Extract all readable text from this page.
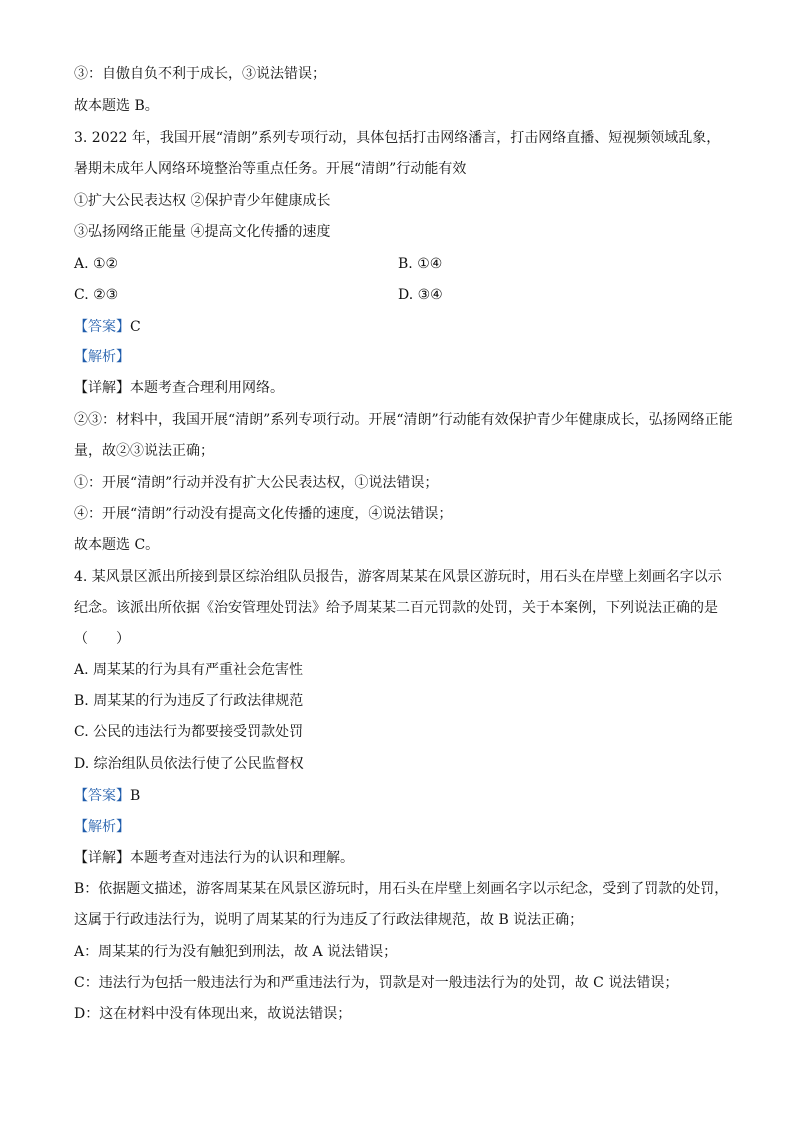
③：自傲自负不利于成长，③说法错误；
故本题选 B。
3. 2022 年，我国开展“清朗”系列专项行动，具体包括打击网络潘言，打击网络直播、短视频领域乱象，
暑期未成年人网络环境整治等重点任务。开展“清朗”行动能有效
①扩大公民表达权 ②保护青少年健康成长
③弘扬网络正能量 ④提高文化传播的速度
A. ①②	B. ①④
C. ②③	D. ③④
【答案】C
【解析】
【详解】本题考查合理利用网络。
②③：材料中，我国开展“清朗”系列专项行动。开展“清朗”行动能有效保护青少年健康成长，弘扬网络正能
量，故②③说法正确；
①：开展“清朗”行动并没有扩大公民表达权，①说法错误；
④：开展“清朗”行动没有提高文化传播的速度，④说法错误；
故本题选 C。
4. 某风景区派出所接到景区综治组队员报告，游客周某某在风景区游玩时，用石头在岸壁上刻画名字以示
纪念。该派出所依据《治安管理处罚法》给予周某某二百元罚款的处罚，关于本案例，下列说法正确的是
（　　）
A. 周某某的行为具有严重社会危害性
B. 周某某的行为违反了行政法律规范
C. 公民的违法行为都要接受罚款处罚
D. 综治组队员依法行使了公民监督权
【答案】B
【解析】
【详解】本题考查对违法行为的认识和理解。
B：依据题文描述，游客周某某在风景区游玩时，用石头在岸壁上刻画名字以示纪念，受到了罚款的处罚，
这属于行政违法行为，说明了周某某的行为违反了行政法律规范，故 B 说法正确；
A：周某某的行为没有触犯到刑法，故 A 说法错误；
C：违法行为包括一般违法行为和严重违法行为，罚款是对一般违法行为的处罚，故 C 说法错误；
D：这在材料中没有体现出来，故说法错误；
